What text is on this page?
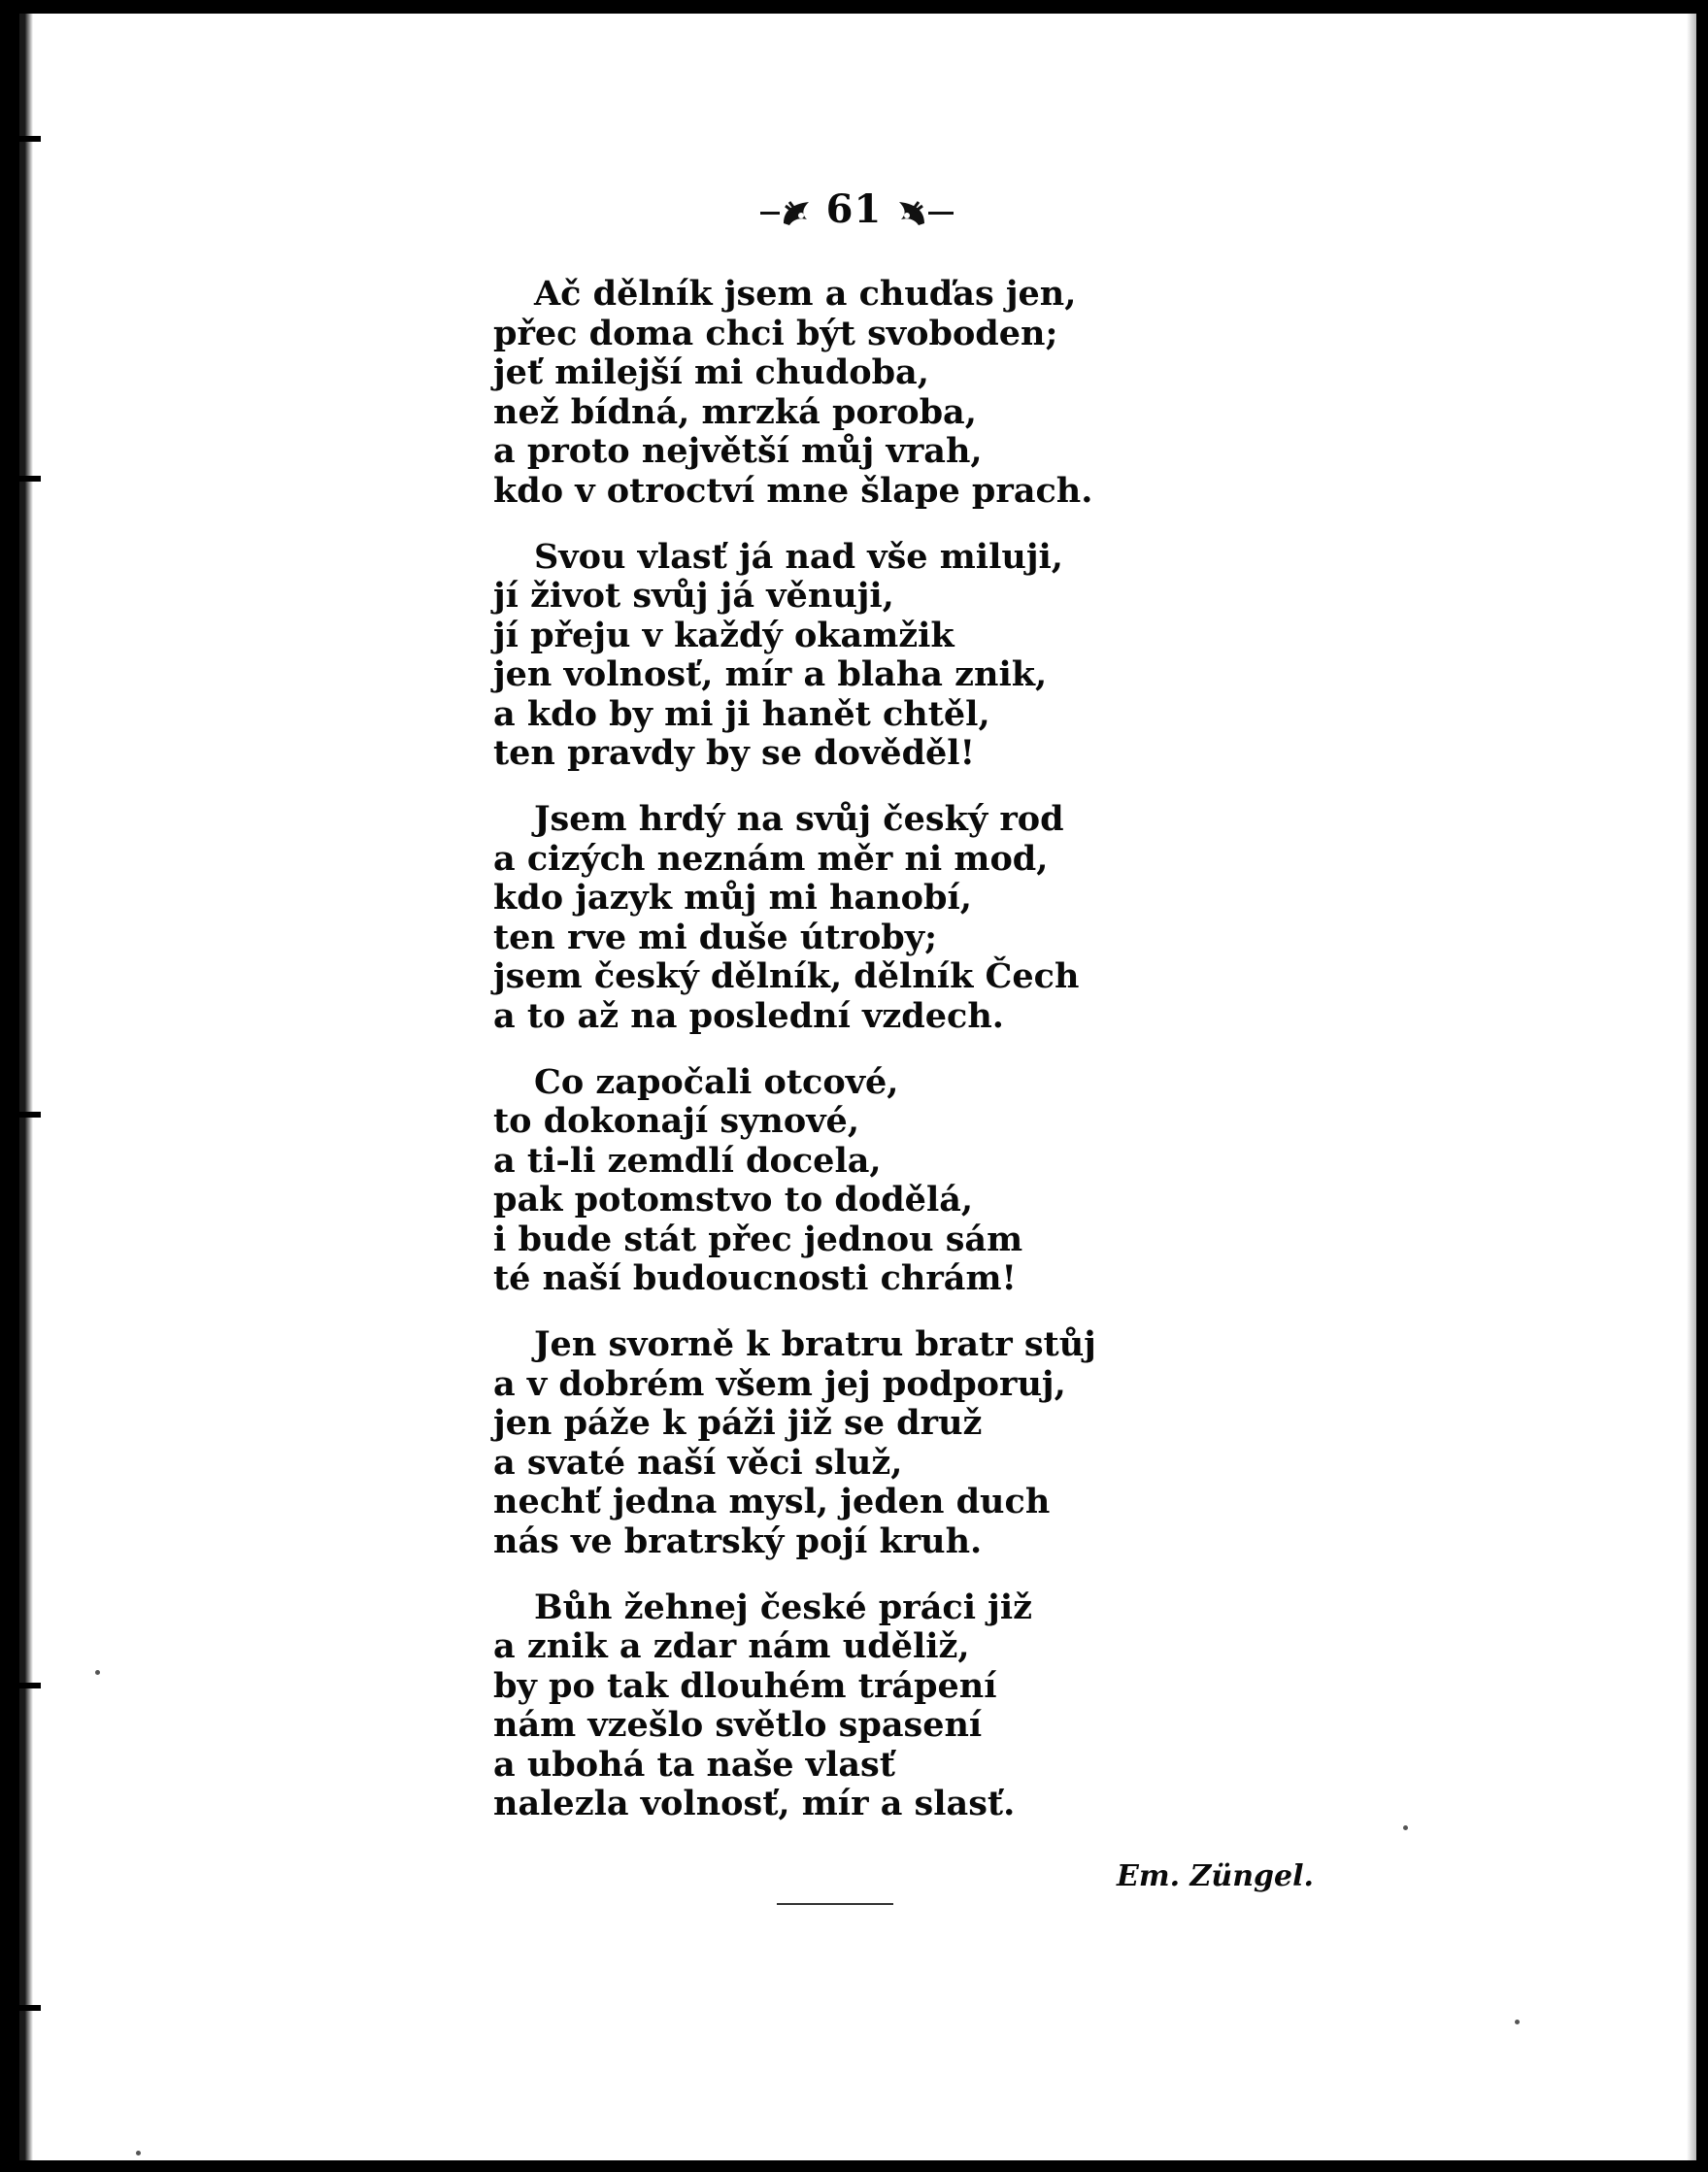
61
Ač dělník jsem a chuďas jen,
přec doma chci být svoboden;
jeť milejší mi chudoba,
než bídná, mrzká poroba,
a proto největší můj vrah,
kdo v otroctví mne šlape prach.
Svou vlasť já nad vše miluji,
jí život svůj já věnuji,
jí přeju v každý okamžik
jen volnosť, mír a blaha znik,
a kdo by mi ji hanět chtěl,
ten pravdy by se dověděl!
Jsem hrdý na svůj český rod
a cizých neznám měr ni mod,
kdo jazyk můj mi hanobí,
ten rve mi duše útroby;
jsem český dělník, dělník Čech
a to až na poslední vzdech.
Co započali otcové,
to dokonají synové,
a ti-li zemdlí docela,
pak potomstvo to dodělá,
i bude stát přec jednou sám
té naší budoucnosti chrám!
Jen svorně k bratru bratr stůj
a v dobrém všem jej podporuj,
jen páže k páži již se druž
a svaté naší věci služ,
nechť jedna mysl, jeden duch
nás ve bratrský pojí kruh.
Bůh žehnej české práci již
a znik a zdar nám uděliž,
by po tak dlouhém trápení
nám vzešlo světlo spasení
a ubohá ta naše vlasť
nalezla volnosť, mír a slasť.
Em. Züngel.
